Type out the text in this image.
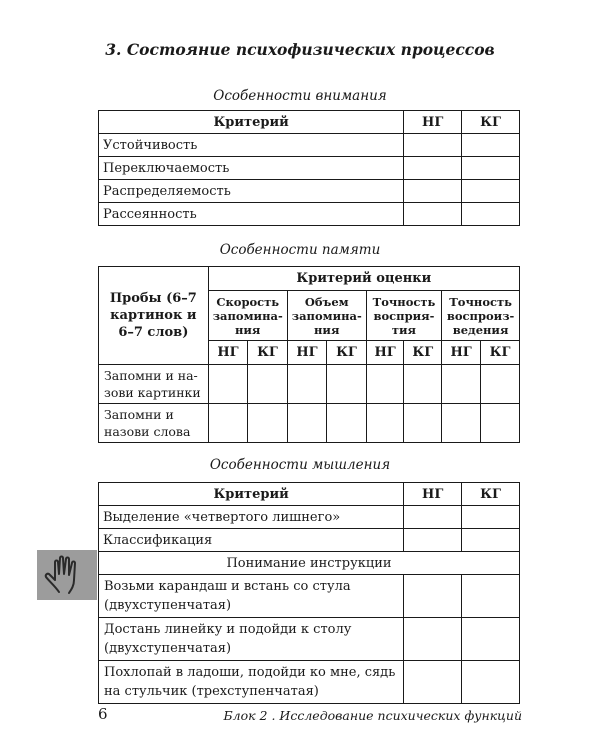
3. Состояние психофизических процессов
Особенности внимания
Критерий	НГ	КГ
Устойчивость		
Переключаемость		
Распределяемость		
Рассеянность		
Особенности памяти
Пробы (6–7 картинок и 6–7 слов)	Критерий оценки							
	Скорость запомина-ния		Объем запомина-ния		Точность восприя-тия		Точность воспроиз-ведения	
	НГ	КГ	НГ	КГ	НГ	КГ	НГ	КГ
Запомни и на-зови картинки								
Запомни и назови слова								
Особенности мышления
Критерий	НГ	КГ
Выделение «четвертого лишнего»		
Классификация		
Понимание инструкции		
Возьми карандаш и встань со стула (двухступенчатая)		
Достань линейку и подойди к столу (двухступенчатая)		
Похлопай в ладоши, подойди ко мне, сядь на стульчик (трехступенчатая)		
6	Блок 2 . Исследование психических функций
